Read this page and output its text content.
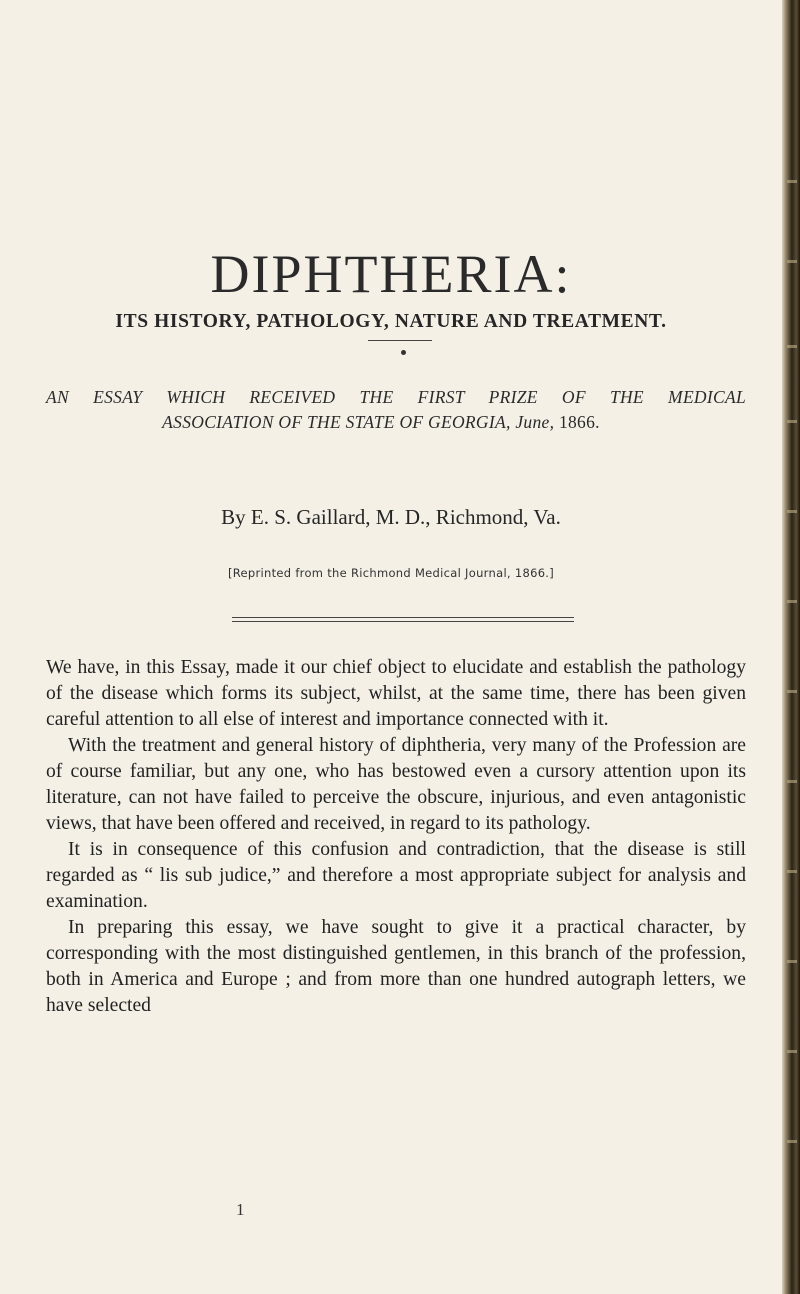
DIPHTHERIA:
ITS HISTORY, PATHOLOGY, NATURE AND TREATMENT.
AN ESSAY WHICH RECEIVED THE FIRST PRIZE OF THE MEDICAL
ASSOCIATION OF THE STATE OF GEORGIA, June, 1866.
By E. S. Gaillard, M. D., Richmond, Va.
[Reprinted from the Richmond Medical Journal, 1866.]

We have, in this Essay, made it our chief object to elucidate and establish the pathology of the disease which forms its subject, whilst, at the same time, there has been given careful attention to all else of interest and importance connected with it.

With the treatment and general history of diphtheria, very many of the Profession are of course familiar, but any one, who has bestowed even a cursory attention upon its literature, can not have failed to perceive the obscure, injurious, and even antagonistic views, that have been offered and received, in regard to its pathology.

It is in consequence of this confusion and contradiction, that the disease is still regarded as “ lis sub judice,” and therefore a most appropriate subject for analysis and examination.

In preparing this essay, we have sought to give it a practical character, by corresponding with the most distinguished gentlemen, in this branch of the profession, both in America and Europe ; and from more than one hundred autograph letters, we have selected

1
